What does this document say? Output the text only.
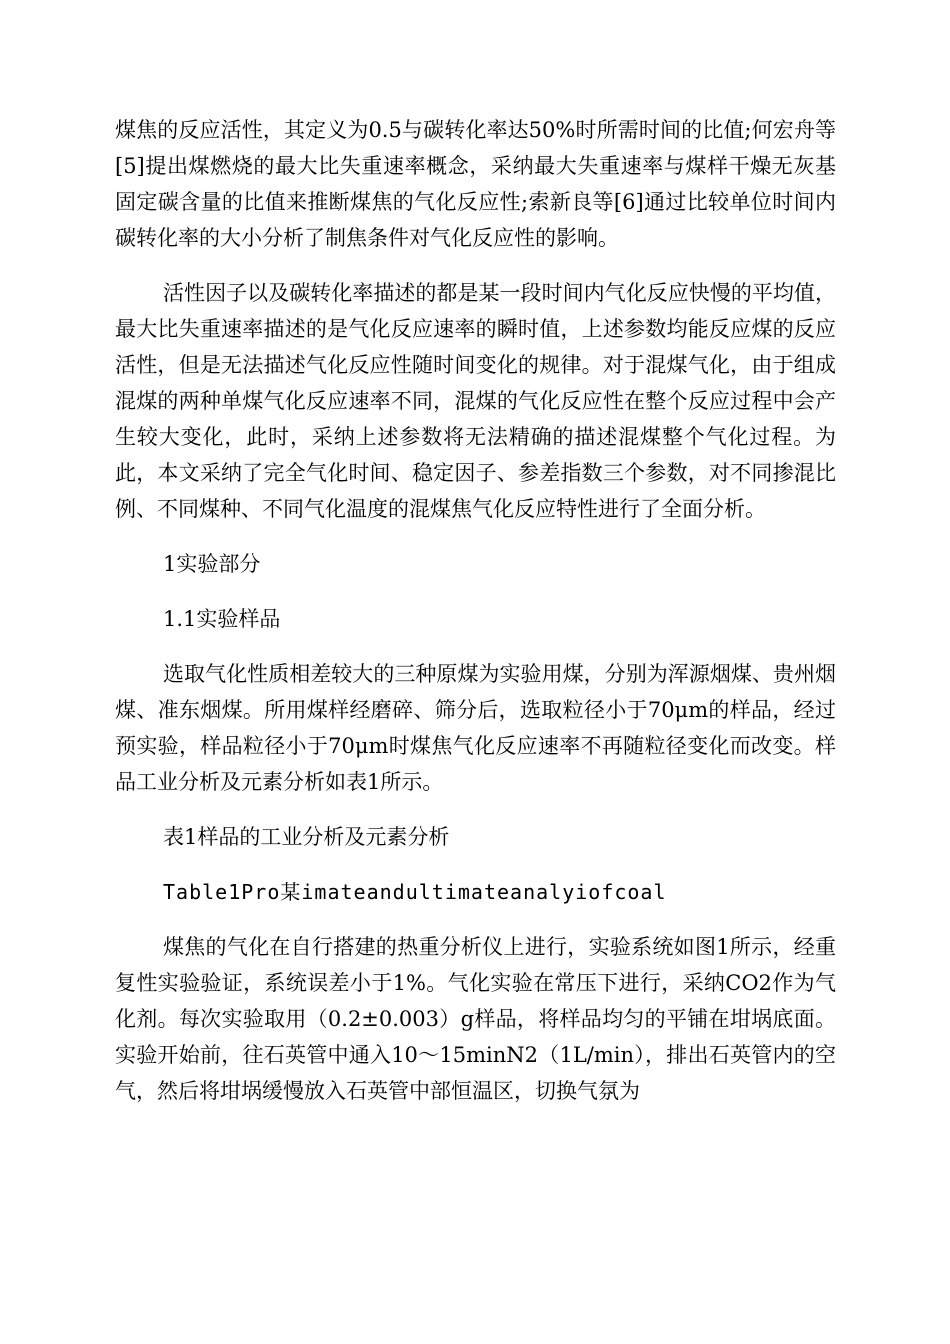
煤焦的反应活性，其定义为0.5与碳转化率达50%时所需时间的比值;何宏舟等[5]提出煤燃烧的最大比失重速率概念，采纳最大失重速率与煤样干燥无灰基固定碳含量的比值来推断煤焦的气化反应性;索新良等[6]通过比较单位时间内碳转化率的大小分析了制焦条件对气化反应性的影响。

活性因子以及碳转化率描述的都是某一段时间内气化反应快慢的平均值，最大比失重速率描述的是气化反应速率的瞬时值，上述参数均能反应煤的反应活性，但是无法描述气化反应性随时间变化的规律。对于混煤气化，由于组成混煤的两种单煤气化反应速率不同，混煤的气化反应性在整个反应过程中会产生较大变化，此时，采纳上述参数将无法精确的描述混煤整个气化过程。为此，本文采纳了完全气化时间、稳定因子、参差指数三个参数，对不同掺混比例、不同煤种、不同气化温度的混煤焦气化反应特性进行了全面分析。

1实验部分

1.1实验样品

选取气化性质相差较大的三种原煤为实验用煤，分别为浑源烟煤、贵州烟煤、准东烟煤。所用煤样经磨碎、筛分后，选取粒径小于70μm的样品，经过预实验，样品粒径小于70μm时煤焦气化反应速率不再随粒径变化而改变。样品工业分析及元素分析如表1所示。

表1样品的工业分析及元素分析

Table1Pro某imateandultimateanalyiofcoal

煤焦的气化在自行搭建的热重分析仪上进行，实验系统如图1所示，经重复性实验验证，系统误差小于1%。气化实验在常压下进行，采纳CO2作为气化剂。每次实验取用（0.2±0.003）g样品，将样品均匀的平铺在坩埚底面。实验开始前，往石英管中通入10～15minN2（1L/min），排出石英管内的空气，然后将坩埚缓慢放入石英管中部恒温区，切换气氛为
